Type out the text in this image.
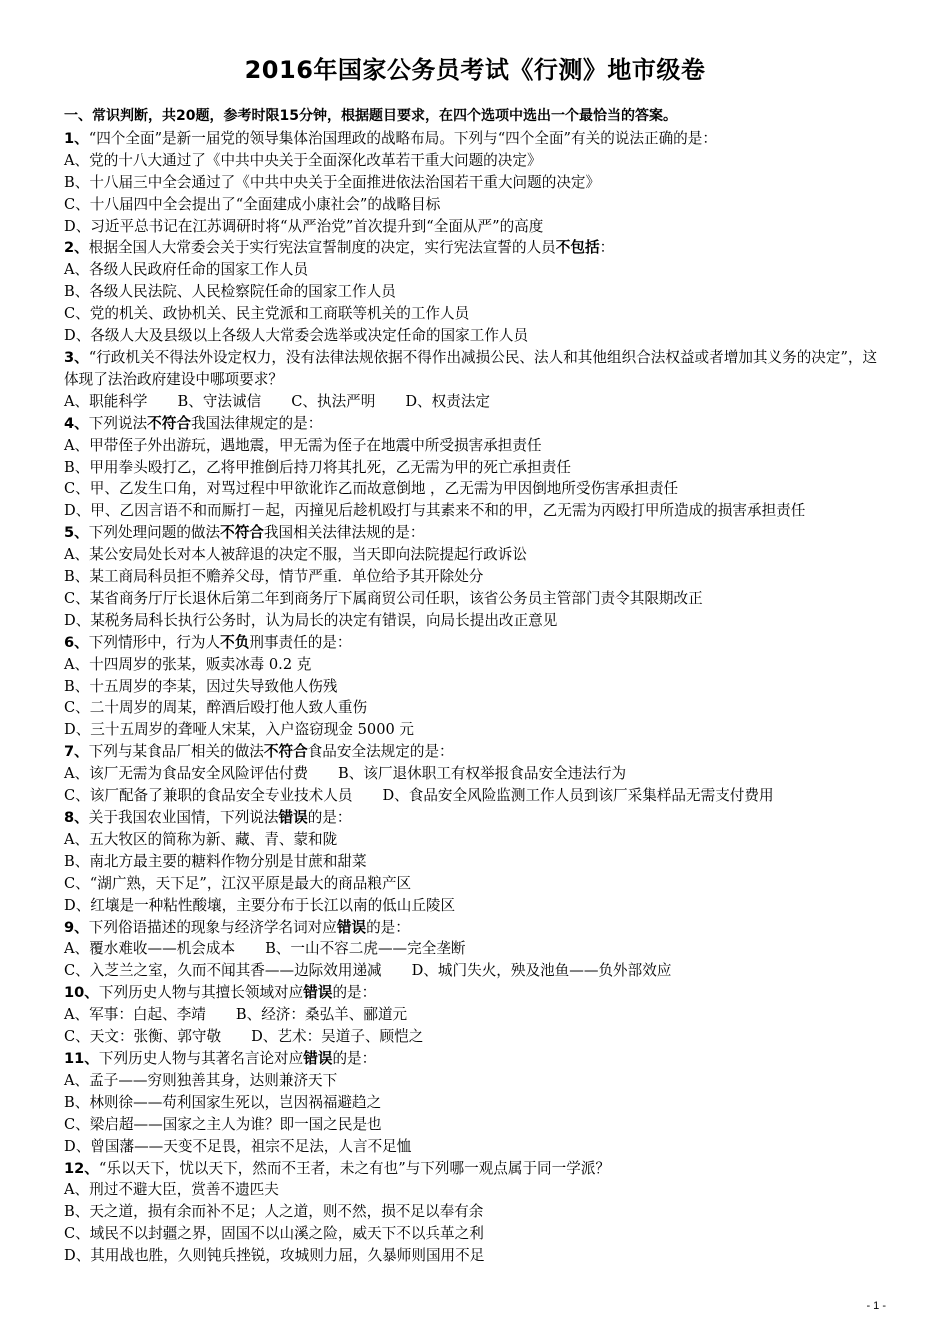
2016年国家公务员考试《行测》地市级卷
一、常识判断，共20题，参考时限15分钟，根据题目要求，在四个选项中选出一个最恰当的答案。
1、“四个全面”是新一届党的领导集体治国理政的战略布局。下列与“四个全面”有关的说法正确的是：
A、党的十八大通过了《中共中央关于全面深化改革若干重大问题的决定》
B、十八届三中全会通过了《中共中央关于全面推进依法治国若干重大问题的决定》
C、十八届四中全会提出了“全面建成小康社会”的战略目标
D、习近平总书记在江苏调研时将“从严治党”首次提升到“全面从严”的高度
2、根据全国人大常委会关于实行宪法宣誓制度的决定，实行宪法宣誓的人员不包括：
A、各级人民政府任命的国家工作人员
B、各级人民法院、人民检察院任命的国家工作人员
C、党的机关、政协机关、民主党派和工商联等机关的工作人员
D、各级人大及县级以上各级人大常委会选举或决定任命的国家工作人员
3、“行政机关不得法外设定权力，没有法律法规依据不得作出减损公民、法人和其他组织合法权益或者增加其义务的决定”，这体现了法治政府建设中哪项要求？
A、职能科学 B、守法诚信 C、执法严明 D、权责法定
4、下列说法不符合我国法律规定的是：
A、甲带侄子外出游玩，遇地震，甲无需为侄子在地震中所受损害承担责任
B、甲用拳头殴打乙，乙将甲推倒后持刀将其扎死，乙无需为甲的死亡承担责任
C、甲、乙发生口角，对骂过程中甲欲讹诈乙而故意倒地 ，乙无需为甲因倒地所受伤害承担责任
D、甲、乙因言语不和而厮打－起，丙撞见后趁机殴打与其素来不和的甲，乙无需为丙殴打甲所造成的损害承担责任
5、下列处理问题的做法不符合我国相关法律法规的是：
A、某公安局处长对本人被辞退的决定不服，当天即向法院提起行政诉讼
B、某工商局科员拒不赡养父母，情节严重．单位给予其开除处分
C、某省商务厅厅长退休后第二年到商务厅下属商贸公司任职，该省公务员主管部门责令其限期改正
D、某税务局科长执行公务时，认为局长的决定有错误，向局长提出改正意见
6、下列情形中，行为人不负刑事责任的是：
A、十四周岁的张某，贩卖冰毒 0.2 克
B、十五周岁的李某，因过失导致他人伤残
C、二十周岁的周某，醉酒后殴打他人致人重伤
D、三十五周岁的聋哑人宋某，入户盗窃现金 5000 元
7、下列与某食品厂相关的做法不符合食品安全法规定的是：
A、该厂无需为食品安全风险评估付费 B、该厂退休职工有权举报食品安全违法行为
C、该厂配备了兼职的食品安全专业技术人员 D、食品安全风险监测工作人员到该厂采集样品无需支付费用
8、关于我国农业国情，下列说法错误的是：
A、五大牧区的简称为新、藏、青、蒙和陇
B、南北方最主要的糖料作物分别是甘蔗和甜菜
C、“湖广熟，天下足”，江汉平原是最大的商品粮产区
D、红壤是一种粘性酸壤，主要分布于长江以南的低山丘陵区
9、下列俗语描述的现象与经济学名词对应错误的是：
A、覆水难收——机会成本 B、一山不容二虎——完全垄断
C、入芝兰之室，久而不闻其香——边际效用递减 D、城门失火，殃及池鱼——负外部效应
10、下列历史人物与其擅长领域对应错误的是：
A、军事：白起、李靖 B、经济：桑弘羊、郦道元
C、天文：张衡、郭守敬 D、艺术：吴道子、顾恺之
11、下列历史人物与其著名言论对应错误的是：
A、孟子——穷则独善其身，达则兼济天下
B、林则徐——苟利国家生死以，岂因祸福避趋之
C、梁启超——国家之主人为谁？即一国之民是也
D、曾国藩——天变不足畏，祖宗不足法，人言不足恤
12、“乐以天下，忧以天下，然而不王者，未之有也”与下列哪一观点属于同一学派？
A、刑过不避大臣，赏善不遗匹夫
B、天之道，损有余而补不足；人之道，则不然，损不足以奉有余
C、域民不以封疆之界，固国不以山溪之险，威天下不以兵革之利
D、其用战也胜，久则钝兵挫锐，攻城则力屈，久暴师则国用不足
- 1 -
